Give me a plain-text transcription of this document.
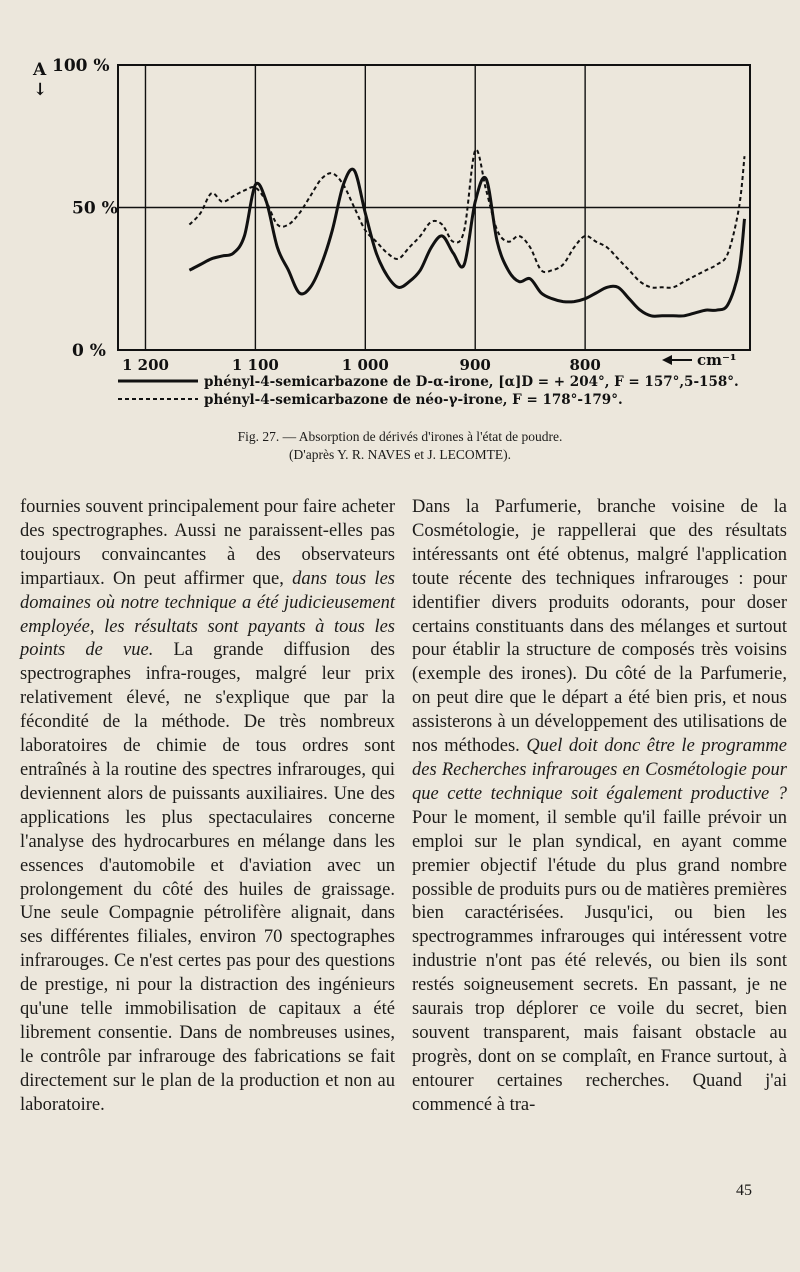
A
↓
100 %
50 %
0 %
1 200	1 100	1 000	900	800	cm⁻¹
phényl-4-semicarbazone de D-α-irone, [α]D = + 204°, F = 157°,5-158°.
phényl-4-semicarbazone de néo-γ-irone, F = 178°-179°.
Fig. 27. — Absorption de dérivés d'irones à l'état de poudre.
(D'après Y. R. NAVES et J. LECOMTE).

fournies souvent principalement pour faire acheter des spectrographes. Aussi ne paraissent-elles pas toujours convaincantes à des observateurs impartiaux. On peut affirmer que, dans tous les domaines où notre technique a été judicieusement employée, les résultats sont payants à tous les points de vue. La grande diffusion des spectrographes infra-rouges, malgré leur prix relativement élevé, ne s'explique que par la fécondité de la méthode. De très nombreux laboratoires de chimie de tous ordres sont entraînés à la routine des spectres infrarouges, qui deviennent alors de puissants auxiliaires. Une des applications les plus spectaculaires concerne l'analyse des hydrocarbures en mélange dans les essences d'automobile et d'aviation avec un prolongement du côté des huiles de graissage. Une seule Compagnie pétrolifère alignait, dans ses différentes filiales, environ 70 spectographes infrarouges. Ce n'est certes pas pour des questions de prestige, ni pour la distraction des ingénieurs qu'une telle immobilisation de capitaux a été librement consentie. Dans de nombreuses usines, le contrôle par infrarouge des fabrications se fait directement sur le plan de la production et non au laboratoire.

Dans la Parfumerie, branche voisine de la Cosmétologie, je rappellerai que des résultats intéressants ont été obtenus, malgré l'application toute récente des techniques infrarouges : pour identifier divers produits odorants, pour doser certains constituants dans des mélanges et surtout pour établir la structure de composés très voisins (exemple des irones). Du côté de la Parfumerie, on peut dire que le départ a été bien pris, et nous assisterons à un développement des utilisations de nos méthodes. Quel doit donc être le programme des Recherches infrarouges en Cosmétologie pour que cette technique soit également productive ? Pour le moment, il semble qu'il faille prévoir un emploi sur le plan syndical, en ayant comme premier objectif l'étude du plus grand nombre possible de produits purs ou de matières premières bien caractérisées. Jusqu'ici, ou bien les spectrogrammes infrarouges qui intéressent votre industrie n'ont pas été relevés, ou bien ils sont restés soigneusement secrets. En passant, je ne saurais trop déplorer ce voile du secret, bien souvent transparent, mais faisant obstacle au progrès, dont on se complaît, en France surtout, à entourer certaines recherches. Quand j'ai commencé à tra-

45
